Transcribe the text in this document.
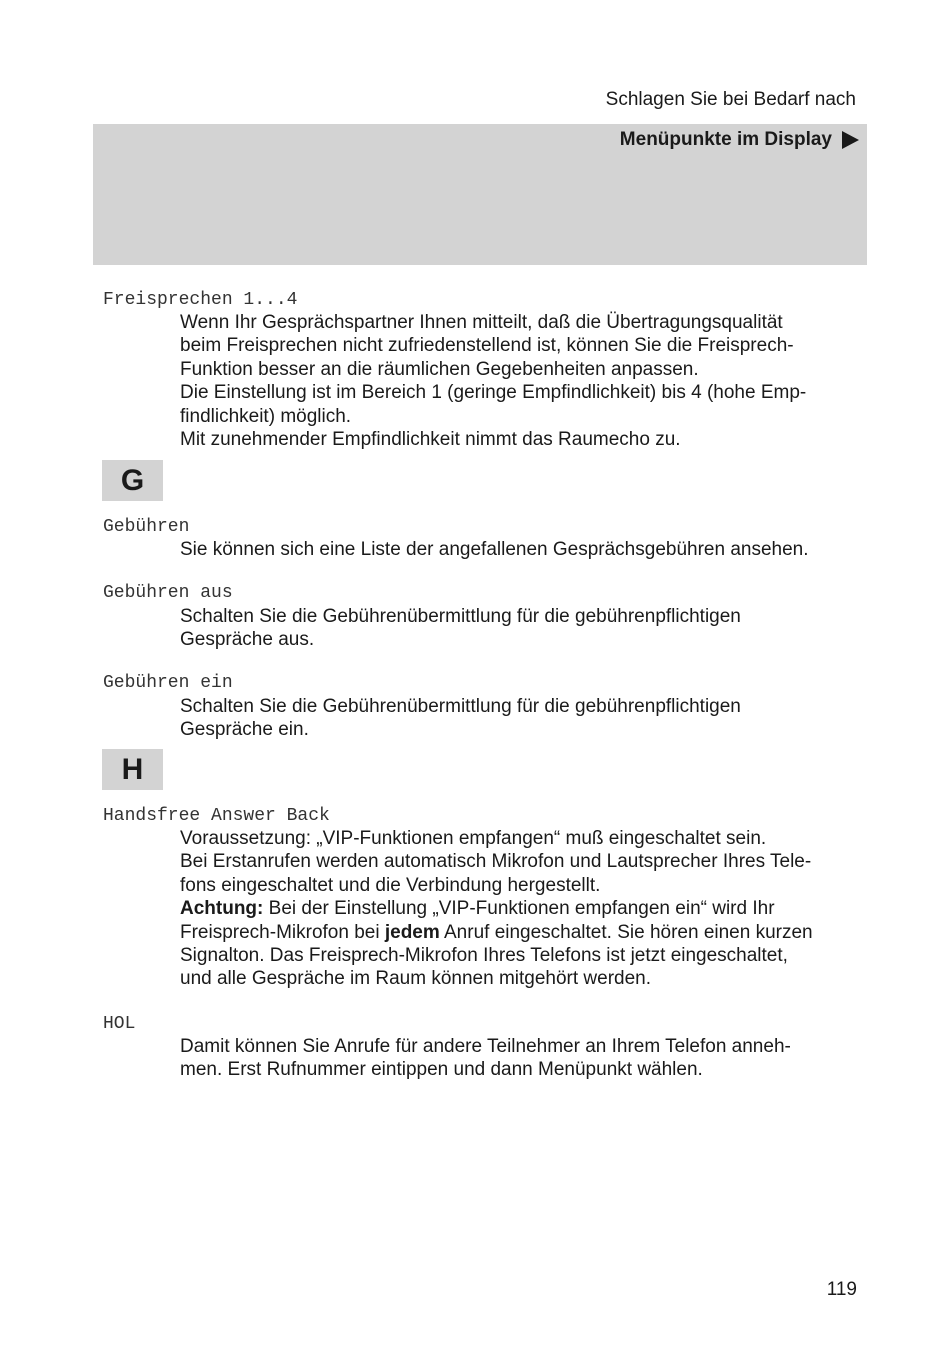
Schlagen Sie bei Bedarf nach
Menüpunkte im Display
Freisprechen 1...4

Wenn Ihr Gesprächspartner Ihnen mitteilt, daß die Übertragungsqualität

beim Freisprechen nicht zufriedenstellend ist, können Sie die Freisprech-

Funktion besser an die räumlichen Gegebenheiten anpassen.

Die Einstellung ist im Bereich 1 (geringe Empfindlichkeit) bis 4 (hohe Emp-

findlichkeit) möglich.

Mit zunehmender Empfindlichkeit nimmt das Raumecho zu.

G
Gebühren

Sie können sich eine Liste der angefallenen Gesprächsgebühren ansehen.

Gebühren aus

Schalten Sie die Gebührenübermittlung für die gebührenpflichtigen

Gespräche aus.

Gebühren ein

Schalten Sie die Gebührenübermittlung für die gebührenpflichtigen

Gespräche ein.

H
Handsfree Answer Back

Voraussetzung: „VIP-Funktionen empfangen“ muß eingeschaltet sein.

Bei Erstanrufen werden automatisch Mikrofon und Lautsprecher Ihres Tele-

fons eingeschaltet und die Verbindung hergestellt.

Achtung: Bei der Einstellung „VIP-Funktionen empfangen ein“ wird Ihr

Freisprech-Mikrofon bei jedem Anruf eingeschaltet. Sie hören einen kurzen

Signalton. Das Freisprech-Mikrofon Ihres Telefons ist jetzt eingeschaltet,

und alle Gespräche im Raum können mitgehört werden.

HOL

Damit können Sie Anrufe für andere Teilnehmer an Ihrem Telefon anneh-

men. Erst Rufnummer eintippen und dann Menüpunkt wählen.

119
